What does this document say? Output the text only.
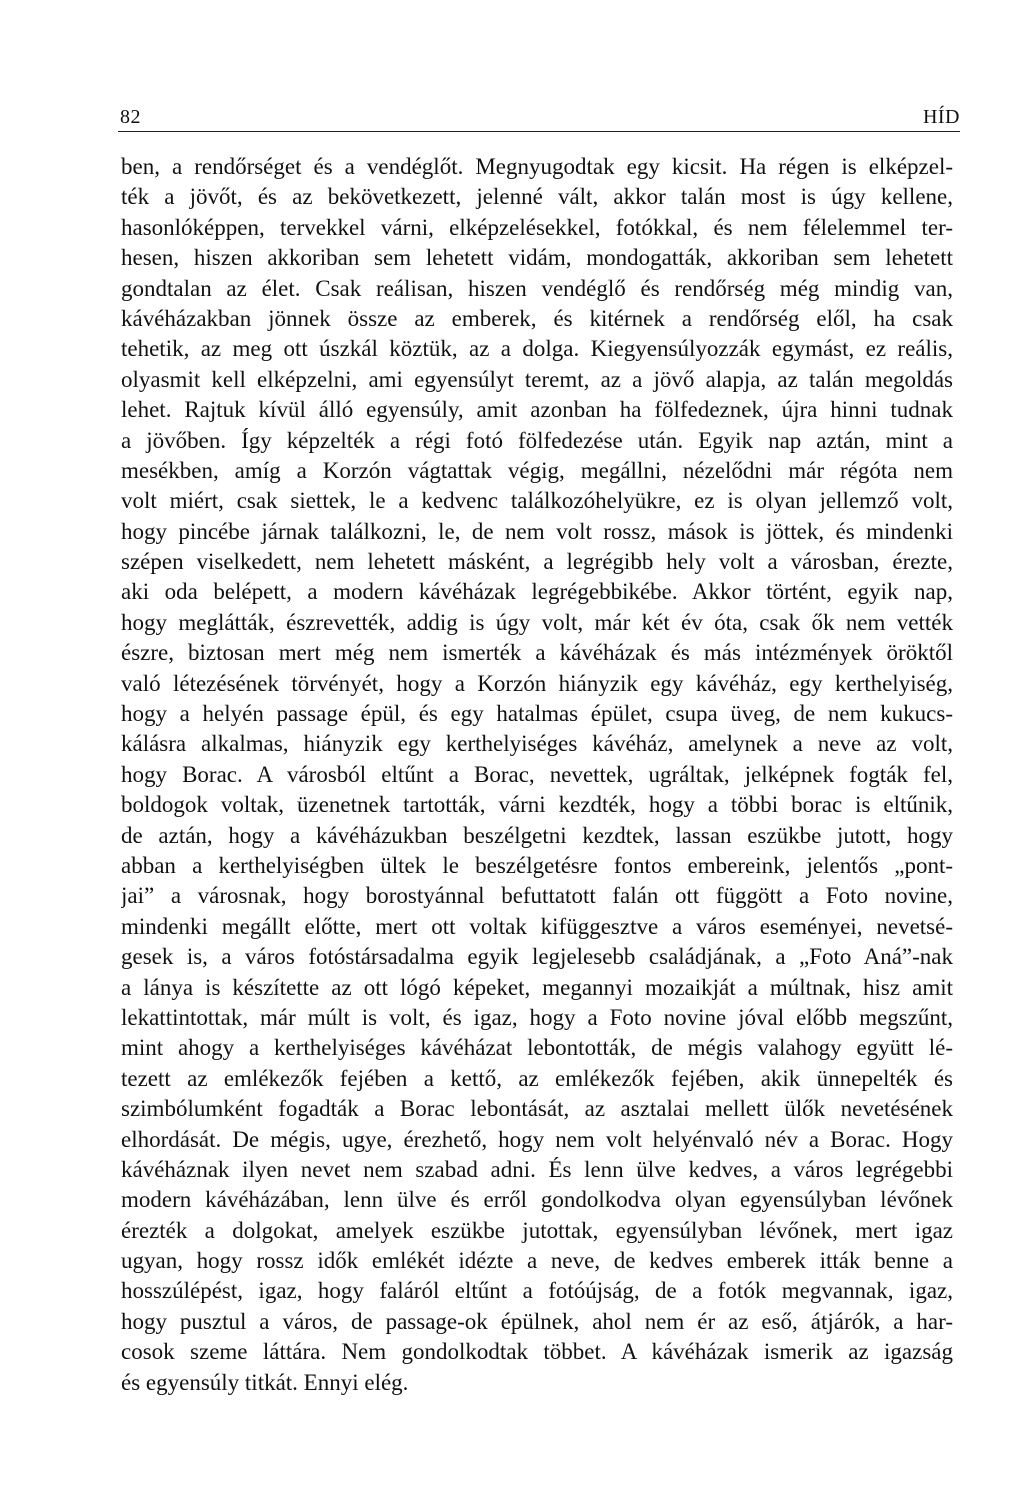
82	HÍD
ben, a rendőrséget és a vendéglőt. Megnyugodtak egy kicsit. Ha régen is elképzel-
ték a jövőt, és az bekövetkezett, jelenné vált, akkor talán most is úgy kellene,
hasonlóképpen, tervekkel várni, elképzelésekkel, fotókkal, és nem félelemmel ter-
hesen, hiszen akkoriban sem lehetett vidám, mondogatták, akkoriban sem lehetett
gondtalan az élet. Csak reálisan, hiszen vendéglő és rendőrség még mindig van,
kávéházakban jönnek össze az emberek, és kitérnek a rendőrség elől, ha csak
tehetik, az meg ott úszkál köztük, az a dolga. Kiegyensúlyozzák egymást, ez reális,
olyasmit kell elképzelni, ami egyensúlyt teremt, az a jövő alapja, az talán megoldás
lehet. Rajtuk kívül álló egyensúly, amit azonban ha fölfedeznek, újra hinni tudnak
a jövőben. Így képzelték a régi fotó fölfedezése után. Egyik nap aztán, mint a
mesékben, amíg a Korzón vágtattak végig, megállni, nézelődni már régóta nem
volt miért, csak siettek, le a kedvenc találkozóhelyükre, ez is olyan jellemző volt,
hogy pincébe járnak találkozni, le, de nem volt rossz, mások is jöttek, és mindenki
szépen viselkedett, nem lehetett másként, a legrégibb hely volt a városban, érezte,
aki oda belépett, a modern kávéházak legrégebbikébe. Akkor történt, egyik nap,
hogy meglátták, észrevették, addig is úgy volt, már két év óta, csak ők nem vették
észre, biztosan mert még nem ismerték a kávéházak és más intézmények öröktől
való létezésének törvényét, hogy a Korzón hiányzik egy kávéház, egy kerthelyiség,
hogy a helyén passage épül, és egy hatalmas épület, csupa üveg, de nem kukucs-
kálásra alkalmas, hiányzik egy kerthelyiséges kávéház, amelynek a neve az volt,
hogy Borac. A városból eltűnt a Borac, nevettek, ugráltak, jelképnek fogták fel,
boldogok voltak, üzenetnek tartották, várni kezdték, hogy a többi borac is eltűnik,
de aztán, hogy a kávéházukban beszélgetni kezdtek, lassan eszükbe jutott, hogy
abban a kerthelyiségben ültek le beszélgetésre fontos embereink, jelentős „pont-
jai” a városnak, hogy borostyánnal befuttatott falán ott függött a Foto novine,
mindenki megállt előtte, mert ott voltak kifüggesztve a város eseményei, nevetsé-
gesek is, a város fotóstársadalma egyik legjelesebb családjának, a „Foto Aná”-nak
a lánya is készítette az ott lógó képeket, megannyi mozaikját a múltnak, hisz amit
lekattintottak, már múlt is volt, és igaz, hogy a Foto novine jóval előbb megszűnt,
mint ahogy a kerthelyiséges kávéházat lebontották, de mégis valahogy együtt lé-
tezett az emlékezők fejében a kettő, az emlékezők fejében, akik ünnepelték és
szimbólumként fogadták a Borac lebontását, az asztalai mellett ülők nevetésének
elhordását. De mégis, ugye, érezhető, hogy nem volt helyénvaló név a Borac. Hogy
kávéháznak ilyen nevet nem szabad adni. És lenn ülve kedves, a város legrégebbi
modern kávéházában, lenn ülve és erről gondolkodva olyan egyensúlyban lévőnek
érezték a dolgokat, amelyek eszükbe jutottak, egyensúlyban lévőnek, mert igaz
ugyan, hogy rossz idők emlékét idézte a neve, de kedves emberek itták benne a
hosszúlépést, igaz, hogy faláról eltűnt a fotóújság, de a fotók megvannak, igaz,
hogy pusztul a város, de passage-ok épülnek, ahol nem ér az eső, átjárók, a har-
cosok szeme láttára. Nem gondolkodtak többet. A kávéházak ismerik az igazság
és egyensúly titkát. Ennyi elég.
